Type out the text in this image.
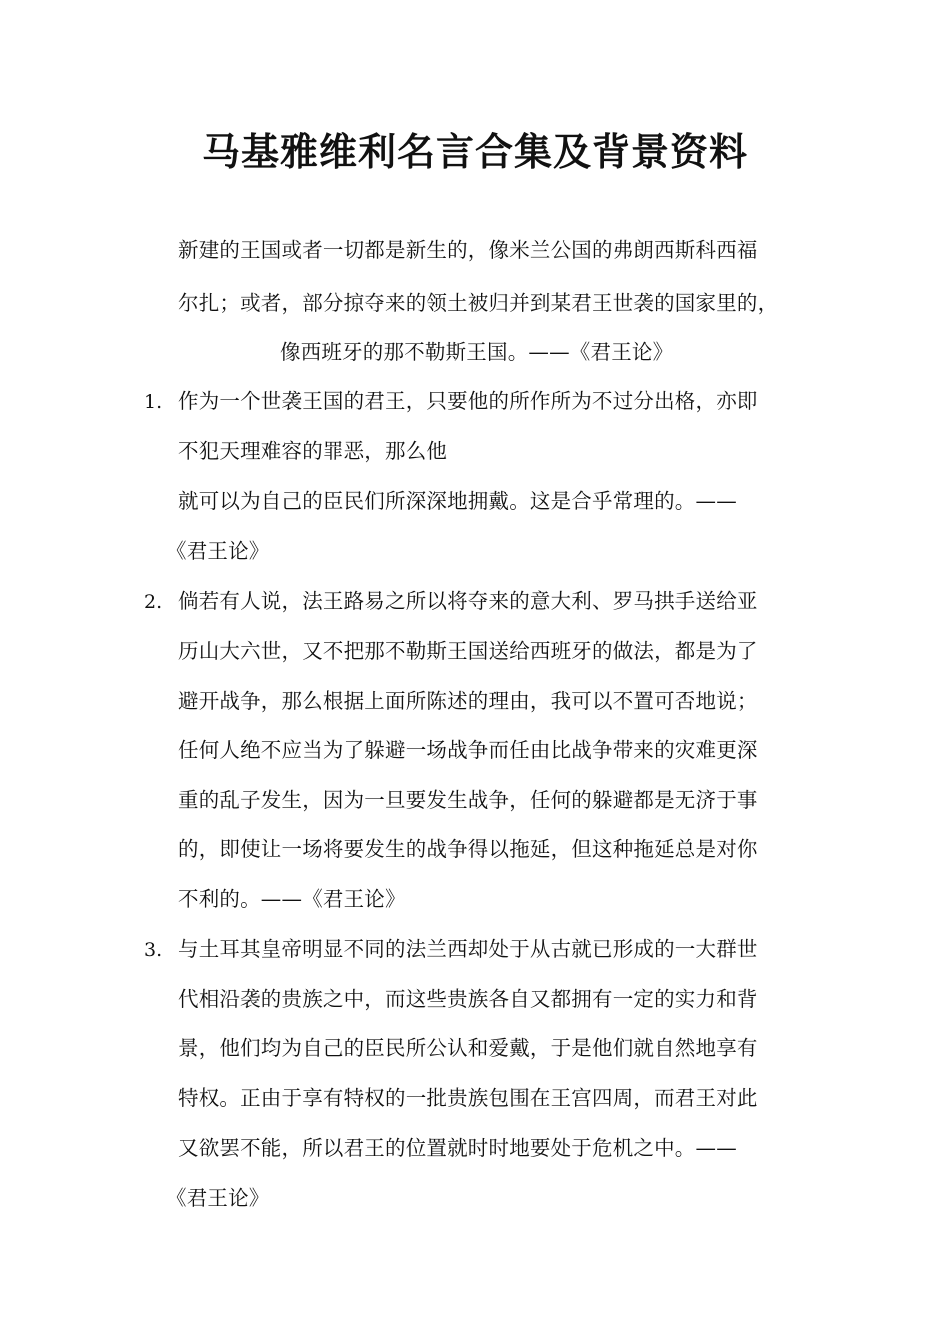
马基雅维利名言合集及背景资料
新建的王国或者一切都是新生的，像米兰公国的弗朗西斯科西福
尔扎；或者，部分掠夺来的领土被归并到某君王世袭的国家里的，
像西班牙的那不勒斯王国。——《君王论》
1. 作为一个世袭王国的君王，只要他的所作所为不过分出格，亦即
不犯天理难容的罪恶，那么他
就可以为自己的臣民们所深深地拥戴。这是合乎常理的。——
《君王论》
2. 倘若有人说，法王路易之所以将夺来的意大利、罗马拱手送给亚
历山大六世，又不把那不勒斯王国送给西班牙的做法，都是为了
避开战争，那么根据上面所陈述的理由，我可以不置可否地说；
任何人绝不应当为了躲避一场战争而任由比战争带来的灾难更深
重的乱子发生，因为一旦要发生战争，任何的躲避都是无济于事
的，即使让一场将要发生的战争得以拖延，但这种拖延总是对你
不利的。——《君王论》
3. 与土耳其皇帝明显不同的法兰西却处于从古就已形成的一大群世
代相沿袭的贵族之中，而这些贵族各自又都拥有一定的实力和背
景，他们均为自己的臣民所公认和爱戴，于是他们就自然地享有
特权。正由于享有特权的一批贵族包围在王宫四周，而君王对此
又欲罢不能，所以君王的位置就时时地要处于危机之中。——
《君王论》
